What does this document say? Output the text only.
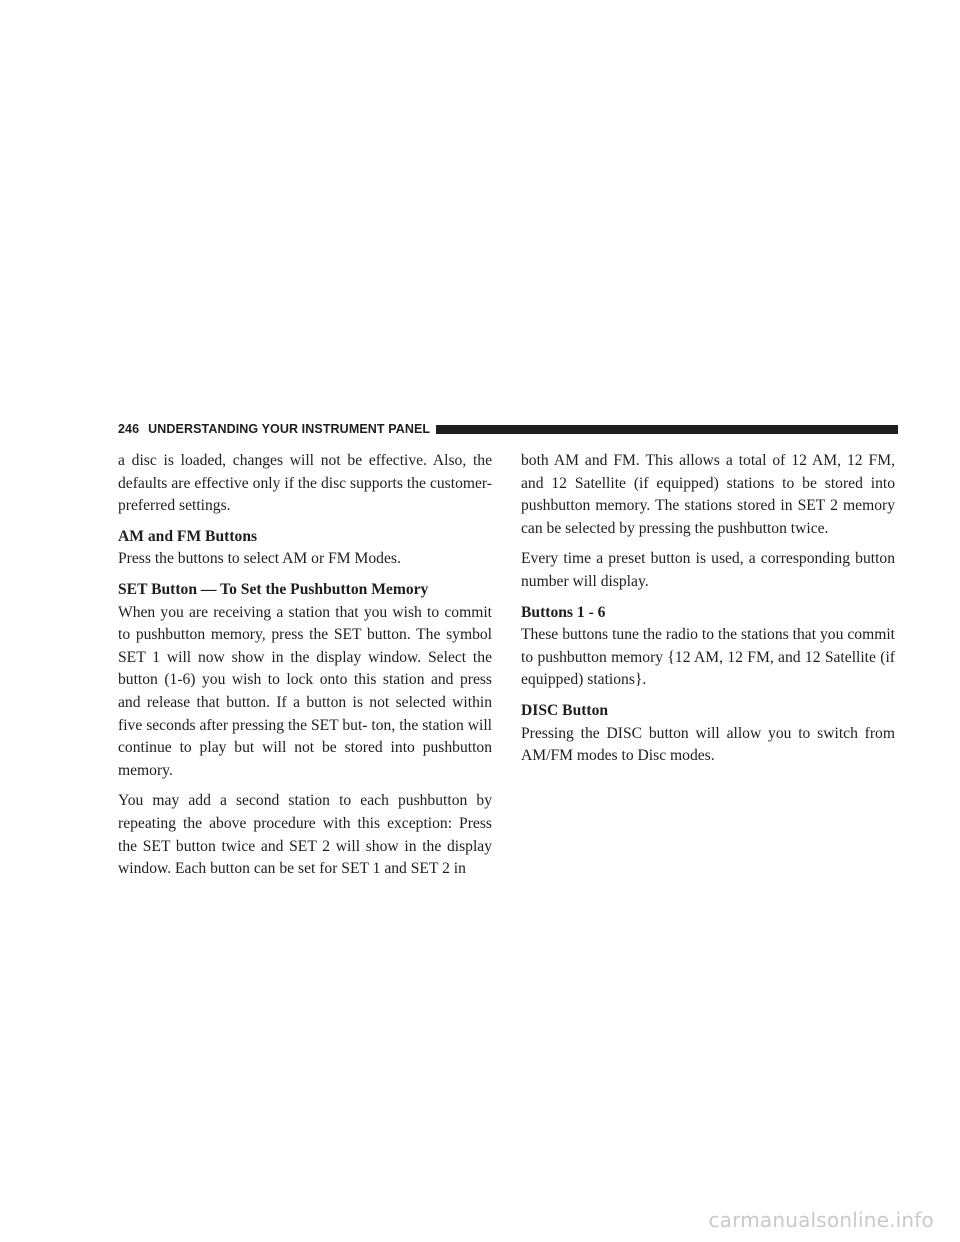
246 UNDERSTANDING YOUR INSTRUMENT PANEL

a disc is loaded, changes will not be effective. Also, the defaults are effective only if the disc supports the customer-preferred settings.

AM and FM Buttons
Press the buttons to select AM or FM Modes.

SET Button — To Set the Pushbutton Memory
When you are receiving a station that you wish to commit to pushbutton memory, press the SET button. The symbol SET 1 will now show in the display window. Select the button (1-6) you wish to lock onto this station and press and release that button. If a button is not selected within five seconds after pressing the SET but- ton, the station will continue to play but will not be stored into pushbutton memory.

You may add a second station to each pushbutton by repeating the above procedure with this exception: Press the SET button twice and SET 2 will show in the display window. Each button can be set for SET 1 and SET 2 in

both AM and FM. This allows a total of 12 AM, 12 FM, and 12 Satellite (if equipped) stations to be stored into pushbutton memory. The stations stored in SET 2 memory can be selected by pressing the pushbutton twice.

Every time a preset button is used, a corresponding button number will display.

Buttons 1 - 6
These buttons tune the radio to the stations that you commit to pushbutton memory {12 AM, 12 FM, and 12 Satellite (if equipped) stations}.

DISC Button
Pressing the DISC button will allow you to switch from AM/FM modes to Disc modes.

carmanualsonline.info
